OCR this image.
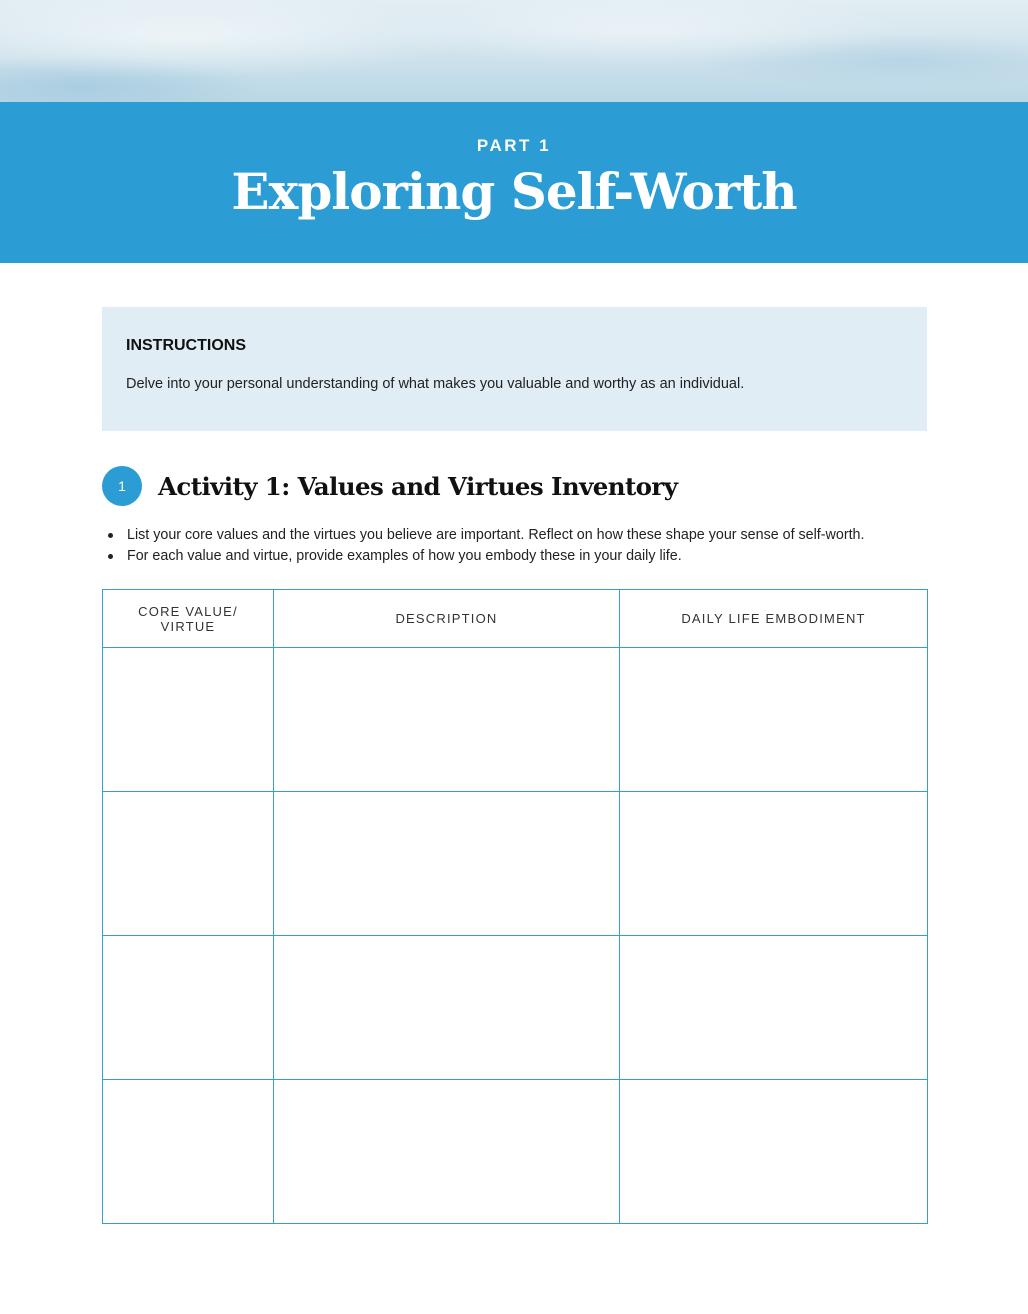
PART 1
Exploring Self-Worth
INSTRUCTIONS
Delve into your personal understanding of what makes you valuable and worthy as an individual.
1	Activity 1: Values and Virtues Inventory
List your core values and the virtues you believe are important. Reflect on how these shape your sense of self-worth.
For each value and virtue, provide examples of how you embody these in your daily life.
CORE VALUE/
VIRTUE	DESCRIPTION	DAILY LIFE EMBODIMENT
